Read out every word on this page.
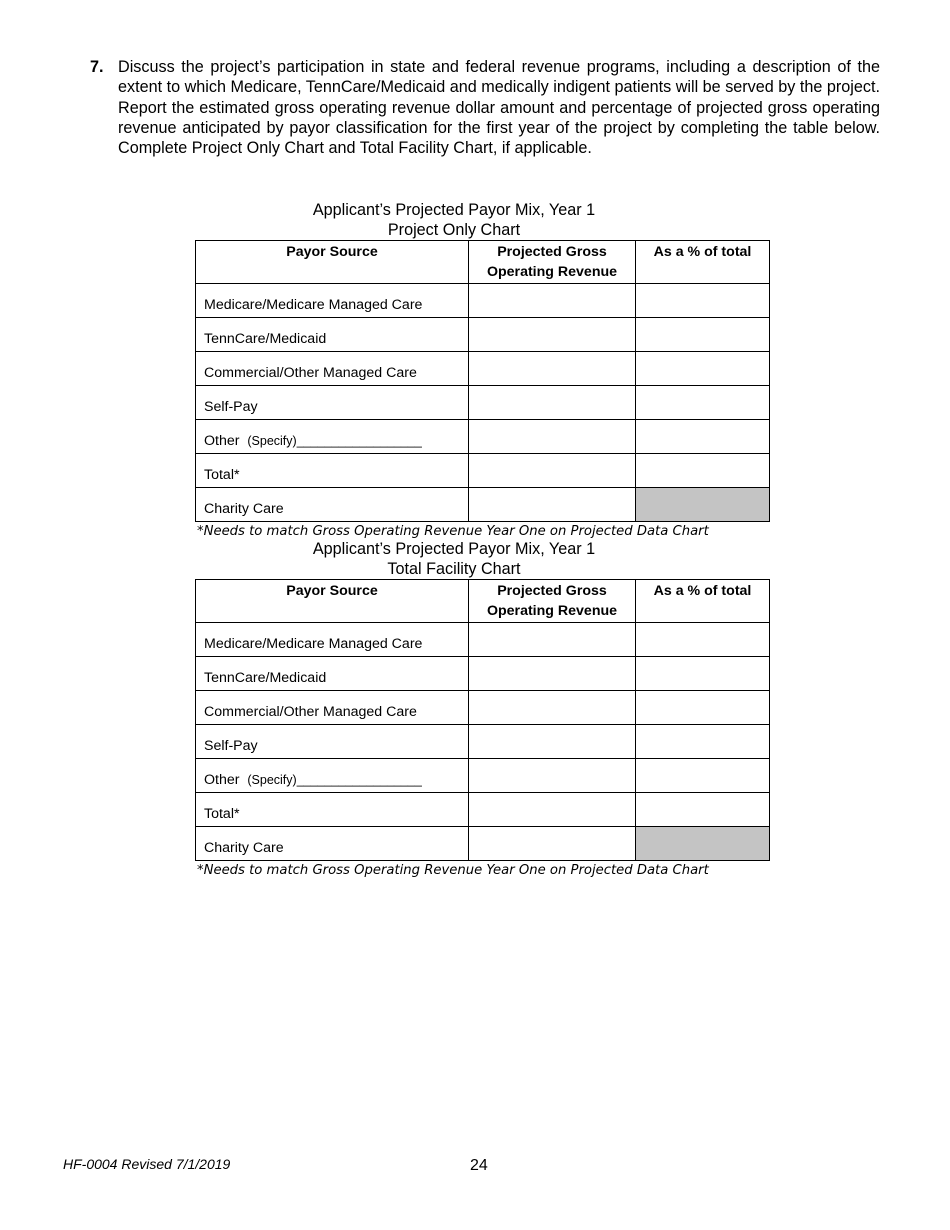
7. Discuss the project’s participation in state and federal revenue programs, including a description of the extent to which Medicare, TennCare/Medicaid and medically indigent patients will be served by the project. Report the estimated gross operating revenue dollar amount and percentage of projected gross operating revenue anticipated by payor classification for the first year of the project by completing the table below. Complete Project Only Chart and Total Facility Chart, if applicable.
Applicant’s Projected Payor Mix, Year 1
Project Only Chart
Payor Source	Projected Gross Operating Revenue	As a % of total
Medicare/Medicare Managed Care		
TennCare/Medicaid		
Commercial/Other Managed Care		
Self-Pay		
Other (Specify)__________________		
Total*		
Charity Care		
*Needs to match Gross Operating Revenue Year One on Projected Data Chart
Applicant’s Projected Payor Mix, Year 1
Total Facility Chart
Payor Source	Projected Gross Operating Revenue	As a % of total
Medicare/Medicare Managed Care		
TennCare/Medicaid		
Commercial/Other Managed Care		
Self-Pay		
Other (Specify)__________________		
Total*		
Charity Care		
*Needs to match Gross Operating Revenue Year One on Projected Data Chart
HF-0004 Revised 7/1/2019	24
